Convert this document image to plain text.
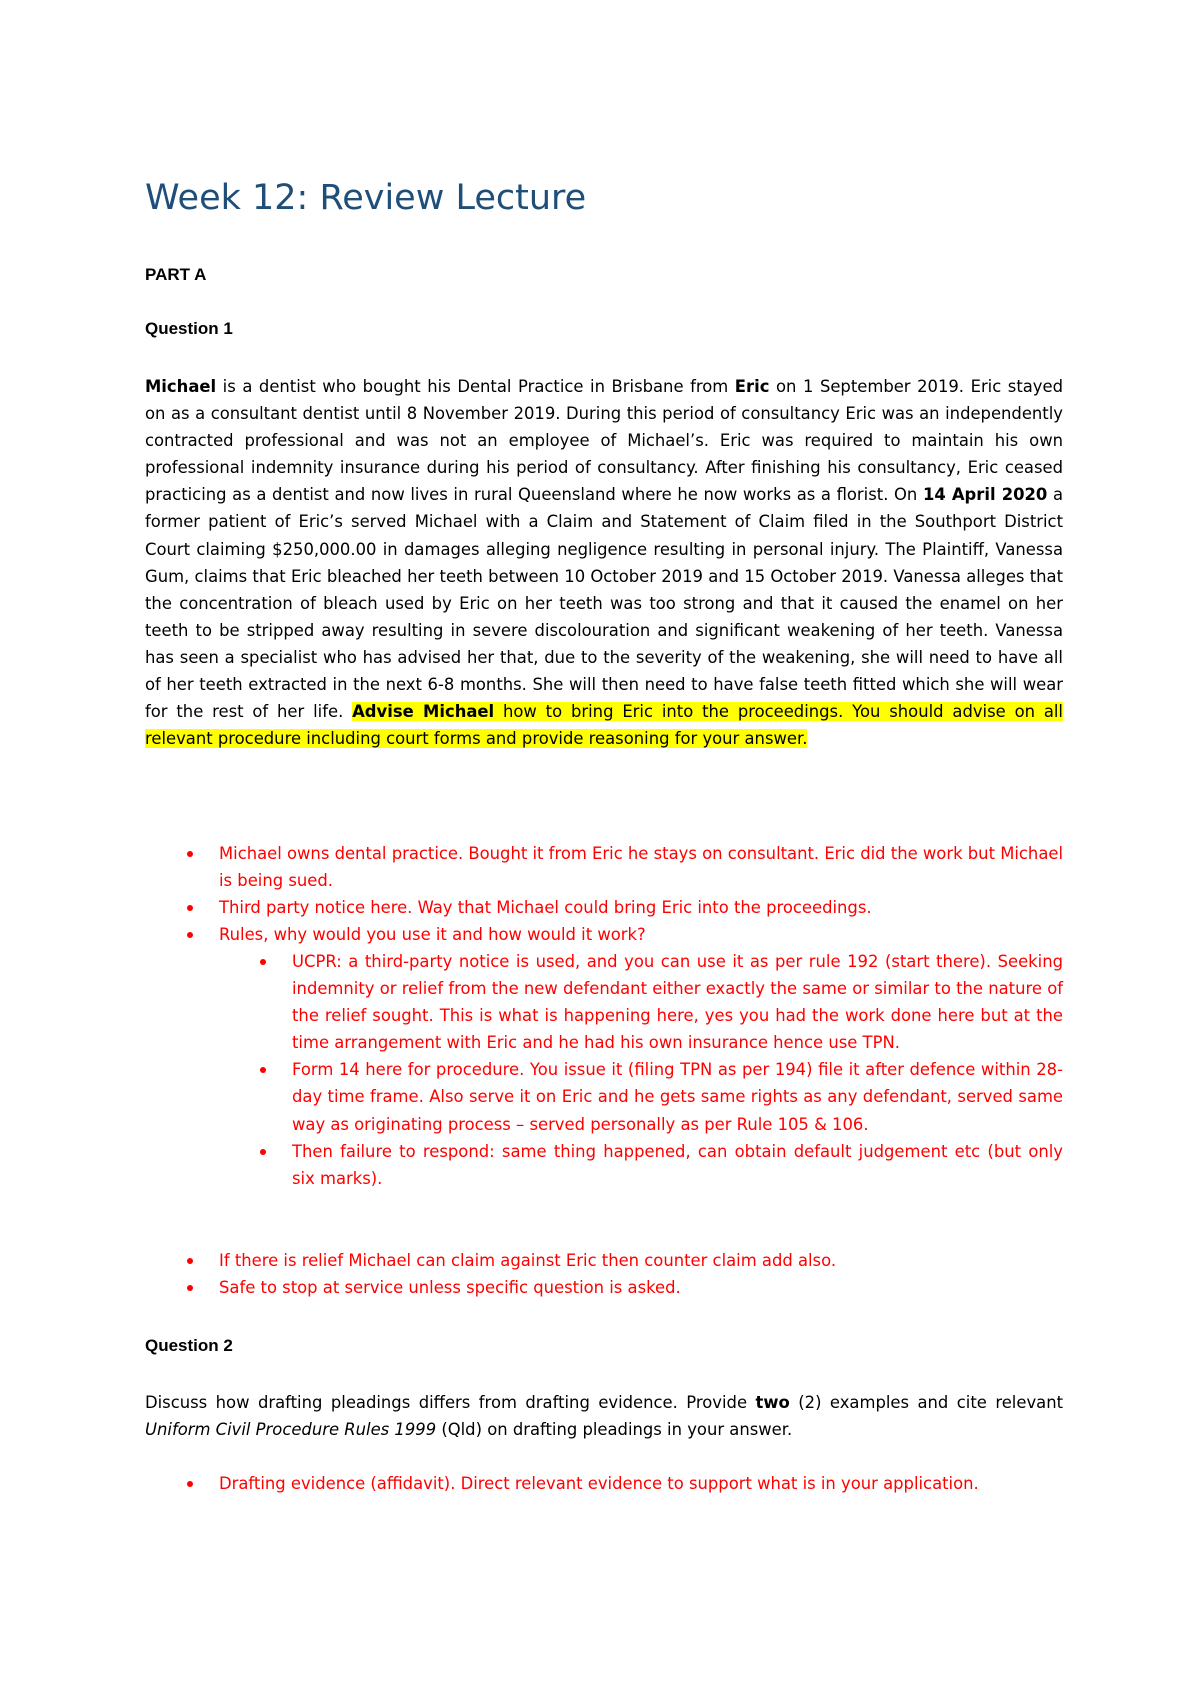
Week 12: Review Lecture
PART A
Question 1

Michael is a dentist who bought his Dental Practice in Brisbane from Eric on 1 September 2019. Eric stayed on as a consultant dentist until 8 November 2019. During this period of consultancy Eric was an independently contracted professional and was not an employee of Michael’s. Eric was required to maintain his own professional indemnity insurance during his period of consultancy. After finishing his consultancy, Eric ceased practicing as a dentist and now lives in rural Queensland where he now works as a florist. On 14 April 2020 a former patient of Eric’s served Michael with a Claim and Statement of Claim filed in the Southport District Court claiming $250,000.00 in damages alleging negligence resulting in personal injury. The Plaintiff, Vanessa Gum, claims that Eric bleached her teeth between 10 October 2019 and 15 October 2019. Vanessa alleges that the concentration of bleach used by Eric on her teeth was too strong and that it caused the enamel on her teeth to be stripped away resulting in severe discolouration and significant weakening of her teeth. Vanessa has seen a specialist who has advised her that, due to the severity of the weakening, she will need to have all of her teeth extracted in the next 6-8 months. She will then need to have false teeth fitted which she will wear for the rest of her life. Advise Michael how to bring Eric into the proceedings. You should advise on all relevant procedure including court forms and provide reasoning for your answer.

Michael owns dental practice. Bought it from Eric he stays on consultant. Eric did the work but Michael is being sued.
Third party notice here. Way that Michael could bring Eric into the proceedings.
Rules, why would you use it and how would it work?
UCPR: a third-party notice is used, and you can use it as per rule 192 (start there). Seeking indemnity or relief from the new defendant either exactly the same or similar to the nature of the relief sought. This is what is happening here, yes you had the work done here but at the time arrangement with Eric and he had his own insurance hence use TPN.
Form 14 here for procedure. You issue it (filing TPN as per 194) file it after defence within 28-day time frame. Also serve it on Eric and he gets same rights as any defendant, served same way as originating process – served personally as per Rule 105 & 106.
Then failure to respond: same thing happened, can obtain default judgement etc (but only six marks).
If there is relief Michael can claim against Eric then counter claim add also.
Safe to stop at service unless specific question is asked.
Question 2

Discuss how drafting pleadings differs from drafting evidence. Provide two (2) examples and cite relevant Uniform Civil Procedure Rules 1999 (Qld) on drafting pleadings in your answer.

Drafting evidence (affidavit). Direct relevant evidence to support what is in your application.
